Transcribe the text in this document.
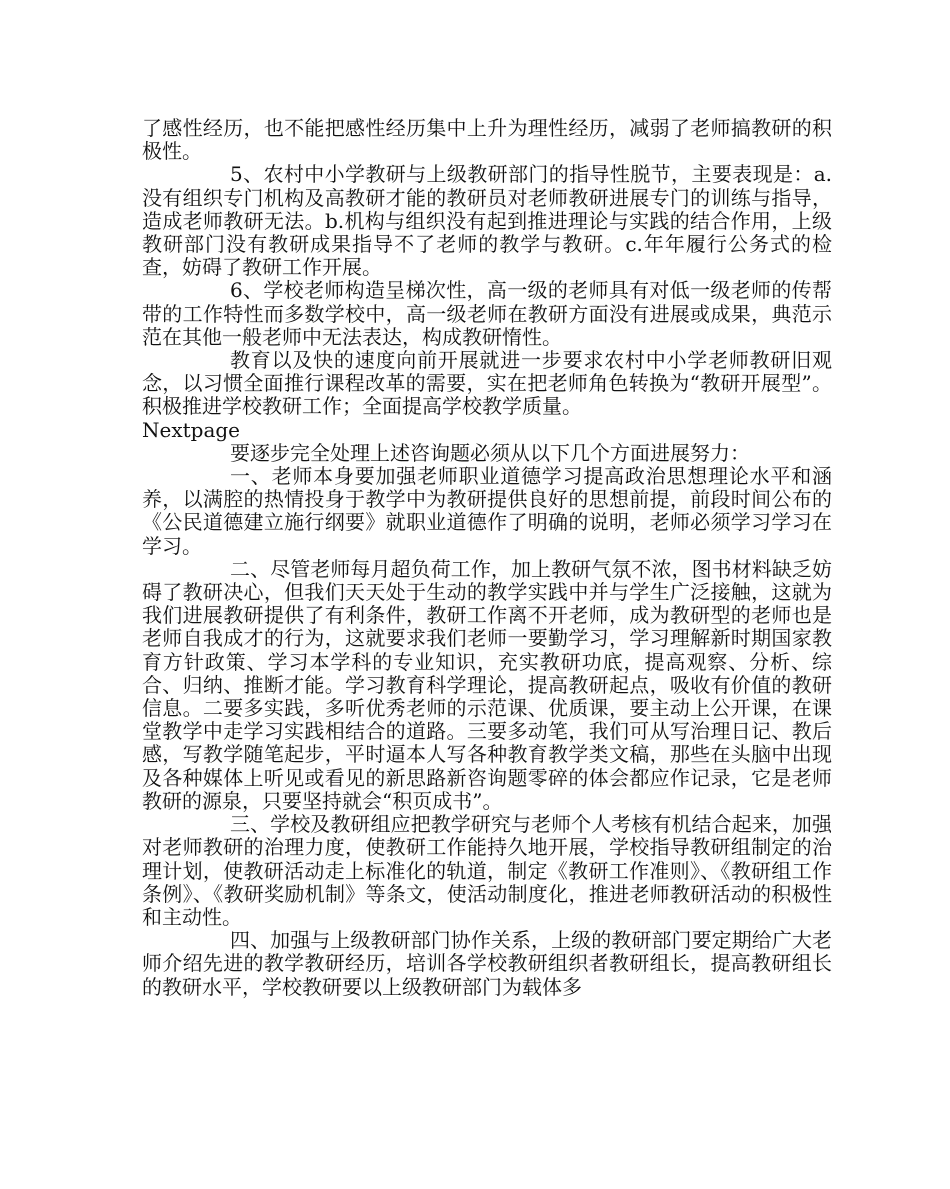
了感性经历，也不能把感性经历集中上升为理性经历，减弱了老师搞教研的积极性。

5、农村中小学教研与上级教研部门的指导性脱节，主要表现是：a.没有组织专门机构及高教研才能的教研员对老师教研进展专门的训练与指导，造成老师教研无法。b.机构与组织没有起到推进理论与实践的结合作用，上级教研部门没有教研成果指导不了老师的教学与教研。c.年年履行公务式的检查，妨碍了教研工作开展。

6、学校老师构造呈梯次性，高一级的老师具有对低一级老师的传帮带的工作特性而多数学校中，高一级老师在教研方面没有进展或成果，典范示范在其他一般老师中无法表达，构成教研惰性。

教育以及快的速度向前开展就进一步要求农村中小学老师教研旧观念，以习惯全面推行课程改革的需要，实在把老师角色转换为“教研开展型”。积极推进学校教研工作；全面提高学校教学质量。

Nextpage

要逐步完全处理上述咨询题必须从以下几个方面进展努力：

一、老师本身要加强老师职业道德学习提高政治思想理论水平和涵养，以满腔的热情投身于教学中为教研提供良好的思想前提，前段时间公布的《公民道德建立施行纲要》就职业道德作了明确的说明，老师必须学习学习在学习。

二、尽管老师每月超负荷工作，加上教研气氛不浓，图书材料缺乏妨碍了教研决心，但我们天天处于生动的教学实践中并与学生广泛接触，这就为我们进展教研提供了有利条件，教研工作离不开老师，成为教研型的老师也是老师自我成才的行为，这就要求我们老师一要勤学习，学习理解新时期国家教育方针政策、学习本学科的专业知识，充实教研功底，提高观察、分析、综合、归纳、推断才能。学习教育科学理论，提高教研起点，吸收有价值的教研信息。二要多实践，多听优秀老师的示范课、优质课，要主动上公开课，在课堂教学中走学习实践相结合的道路。三要多动笔，我们可从写治理日记、教后感，写教学随笔起步，平时逼本人写各种教育教学类文稿，那些在头脑中出现及各种媒体上听见或看见的新思路新咨询题零碎的体会都应作记录，它是老师教研的源泉，只要坚持就会“积页成书”。

三、学校及教研组应把教学研究与老师个人考核有机结合起来，加强对老师教研的治理力度，使教研工作能持久地开展，学校指导教研组制定的治理计划，使教研活动走上标准化的轨道，制定《教研工作准则》、《教研组工作条例》、《教研奖励机制》等条文，使活动制度化，推进老师教研活动的积极性和主动性。

四、加强与上级教研部门协作关系，上级的教研部门要定期给广大老师介绍先进的教学教研经历，培训各学校教研组织者教研组长，提高教研组长的教研水平，学校教研要以上级教研部门为载体多
